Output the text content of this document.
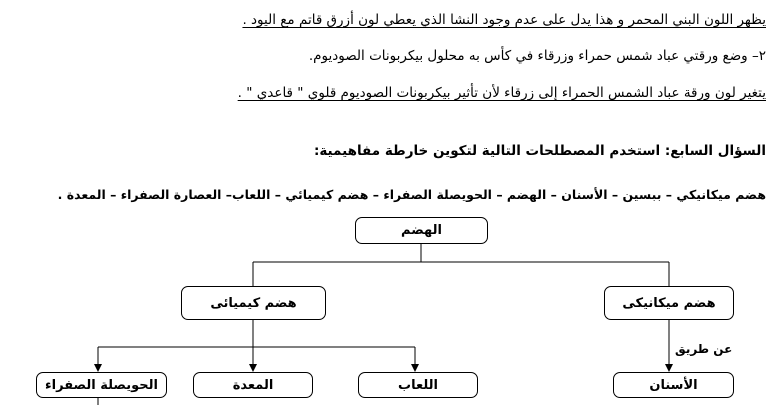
يظهر اللون البني المحمر و هذا يدل على عدم وجود النشا الذي يعطي لون أزرق قاتم مع اليود .
٢– وضع ورقتي عباد شمس حمراء وزرقاء في كأس به محلول بيكربونات الصوديوم.
يتغير لون ورقة عباد الشمس الحمراء إلى زرقاء لأن تأثير بيكربونات الصوديوم قلوي " قاعدي " .
السؤال السابع: استخدم المصطلحات التالية لتكوين خارطة مفاهيمية:
هضم ميكانيكي – ببسين – الأسنان – الهضم – الحويصلة الصفراء – هضم كيميائي – اللعاب– العصارة الصفراء – المعدة .
الهضم
هضم كيميائى	هضم ميكانيكى
عن طريق
الحويصلة الصفراء	المعدة	اللعاب	الأسنان
